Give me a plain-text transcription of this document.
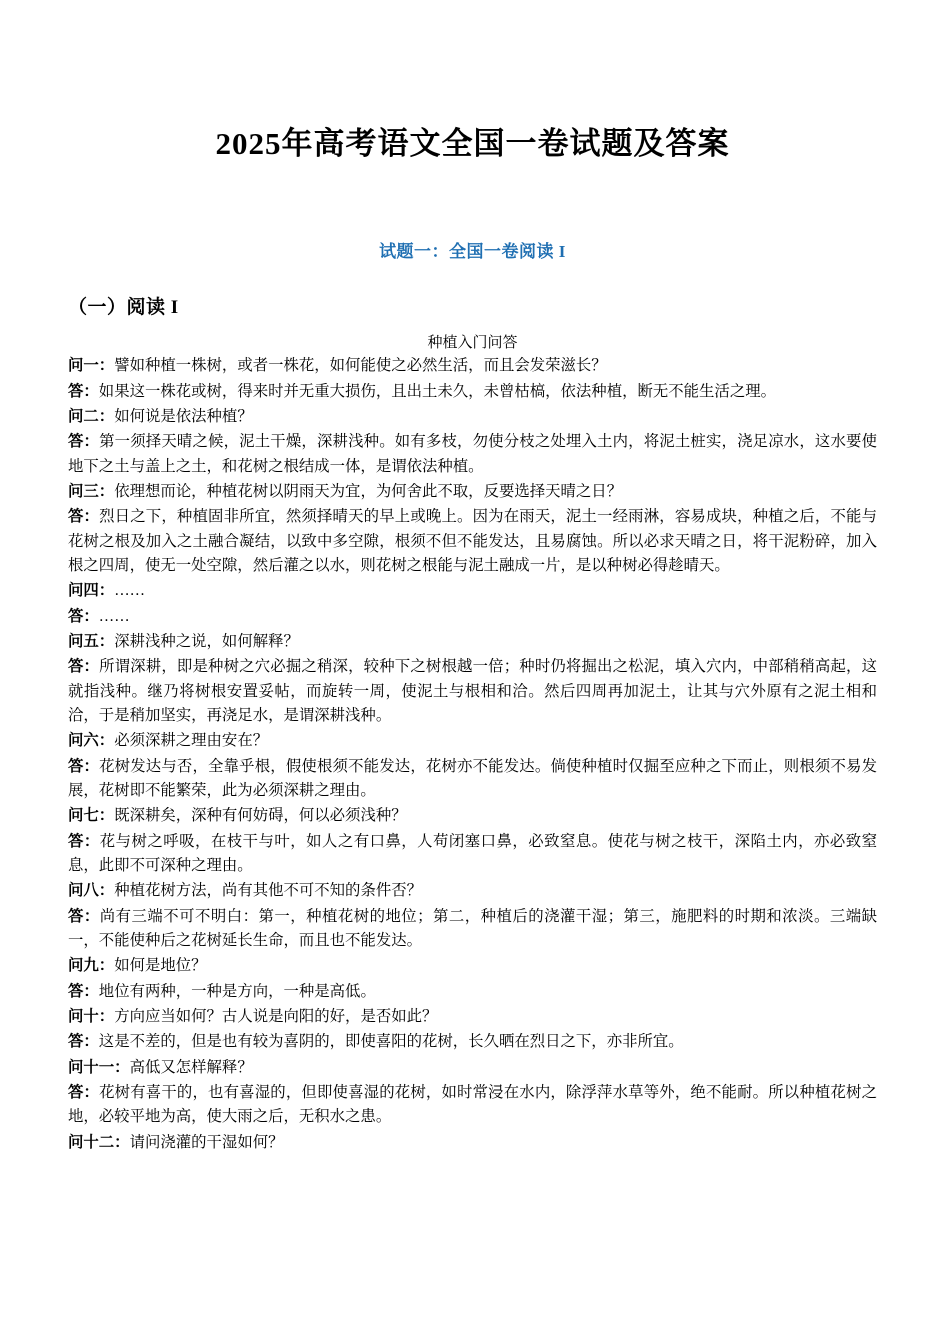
2025年高考语文全国一卷试题及答案
试题一：全国一卷阅读 I
（一）阅读 I

种植入门问答

问一：譬如种植一株树，或者一株花，如何能使之必然生活，而且会发荣滋长？

答：如果这一株花或树，得来时并无重大损伤，且出土未久，未曾枯槁，依法种植，断无不能生活之理。

问二：如何说是依法种植？

答：第一须择天晴之候，泥土干燥，深耕浅种。如有多枝，勿使分枝之处埋入土内，将泥土桩实，浇足凉水，这水要使地下之土与盖上之土，和花树之根结成一体，是谓依法种植。

问三：依理想而论，种植花树以阴雨天为宜，为何舍此不取，反要选择天晴之日？

答：烈日之下，种植固非所宜，然须择晴天的早上或晚上。因为在雨天，泥土一经雨淋，容易成块，种植之后，不能与花树之根及加入之土融合凝结，以致中多空隙，根须不但不能发达，且易腐蚀。所以必求天晴之日，将干泥粉碎，加入根之四周，使无一处空隙，然后灌之以水，则花树之根能与泥土融成一片，是以种树必得趁晴天。

问四：……

答：……

问五：深耕浅种之说，如何解释？

答：所谓深耕，即是种树之穴必掘之稍深，较种下之树根越一倍；种时仍将掘出之松泥，填入穴内，中部稍稍高起，这就指浅种。继乃将树根安置妥帖，而旋转一周，使泥土与根相和洽。然后四周再加泥土，让其与穴外原有之泥土相和洽，于是稍加坚实，再浇足水，是谓深耕浅种。

问六：必须深耕之理由安在？

答：花树发达与否，全靠乎根，假使根须不能发达，花树亦不能发达。倘使种植时仅掘至应种之下而止，则根须不易发展，花树即不能繁荣，此为必须深耕之理由。

问七：既深耕矣，深种有何妨碍，何以必须浅种？

答：花与树之呼吸，在枝干与叶，如人之有口鼻，人苟闭塞口鼻，必致窒息。使花与树之枝干，深陷土内，亦必致窒息，此即不可深种之理由。

问八：种植花树方法，尚有其他不可不知的条件否？

答：尚有三端不可不明白：第一，种植花树的地位；第二，种植后的浇灌干湿；第三，施肥料的时期和浓淡。三端缺一，不能使种后之花树延长生命，而且也不能发达。

问九：如何是地位？

答：地位有两种，一种是方向，一种是高低。

问十：方向应当如何？古人说是向阳的好，是否如此？

答：这是不差的，但是也有较为喜阴的，即使喜阳的花树，长久晒在烈日之下，亦非所宜。

问十一：高低又怎样解释？

答：花树有喜干的，也有喜湿的，但即使喜湿的花树，如时常浸在水内，除浮萍水草等外，绝不能耐。所以种植花树之地，必较平地为高，使大雨之后，无积水之患。

问十二：请问浇灌的干湿如何？
